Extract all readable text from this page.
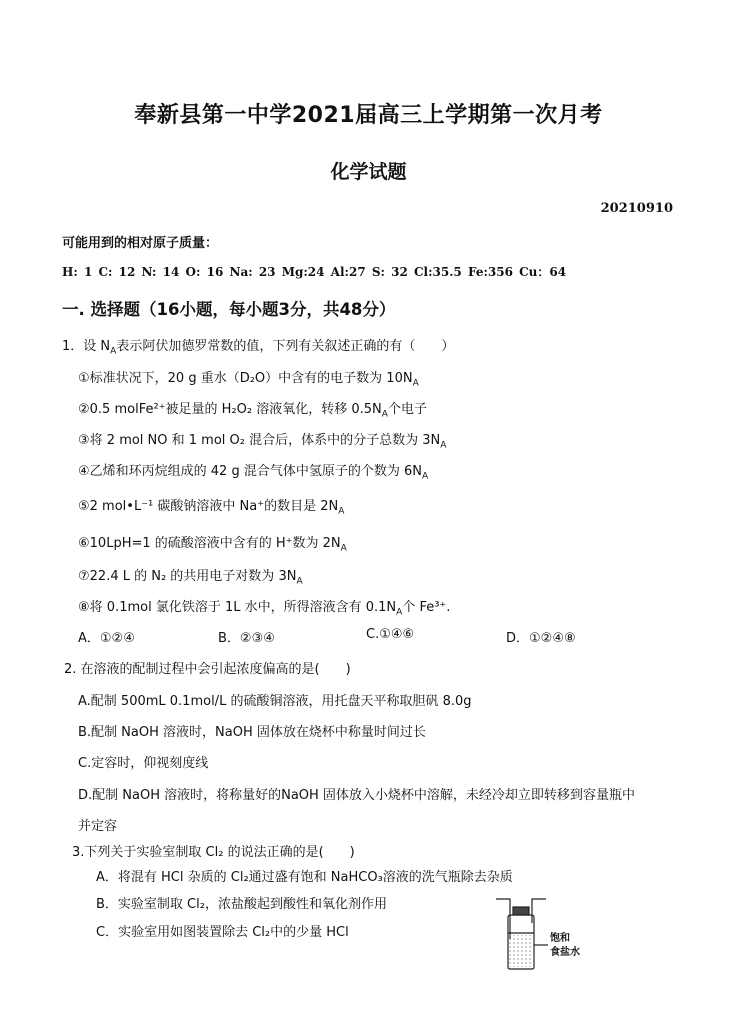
奉新县第一中学2021届高三上学期第一次月考
化学试题
20210910
可能用到的相对原子质量：
H: 1 C: 12 N: 14 O: 16 Na: 23 Mg:24 Al:27 S: 32 Cl:35.5 Fe:356 Cu：64
一. 选择题（16小题，每小题3分，共48分）
1．设 $N_A$表示阿伏加德罗常数的值，下列有关叙述正确的有（　　）
①标准状况下，20 g 重水（D₂O）中含有的电子数为 $10N_A$
②0.5 molFe²⁺被足量的 H₂O₂ 溶液氧化，转移 $0.5N_A$个电子
③将 2 mol NO 和 1 mol O₂ 混合后，体系中的分子总数为 $3N_A$
④乙烯和环丙烷组成的 42 g 混合气体中氢原子的个数为 $6N_A$
⑤2 mol•L⁻¹ 碳酸钠溶液中 Na⁺的数目是 $2N_A$
⑥10LpH=1 的硫酸溶液中含有的 H⁺数为 $2N_A$
⑦22.4 L 的 N₂ 的共用电子对数为 $3N_A$
⑧将 0.1mol 氯化铁溶于 1L 水中，所得溶液含有 $0.1N_A$个 Fe³⁺.
A．①②④	B．②③④	C.①④⑥	D．①②④⑧
2. 在溶液的配制过程中会引起浓度偏高的是(　　)
A.配制 500mL 0.1mol/L 的硫酸铜溶液，用托盘天平称取胆矾 8.0g
B.配制 NaOH 溶液时，NaOH 固体放在烧杯中称量时间过长
C.定容时，仰视刻度线
D.配制 NaOH 溶液时，将称量好的NaOH 固体放入小烧杯中溶解，未经冷却立即转移到容量瓶中
并定容
3.下列关于实验室制取 Cl₂ 的说法正确的是(　　)
A．将混有 HCl 杂质的 Cl₂通过盛有饱和 NaHCO₃溶液的洗气瓶除去杂质
B．实验室制取 Cl₂，浓盐酸起到酸性和氧化剂作用
C．实验室用如图装置除去 Cl₂中的少量 HCl	饱和
食盐水
